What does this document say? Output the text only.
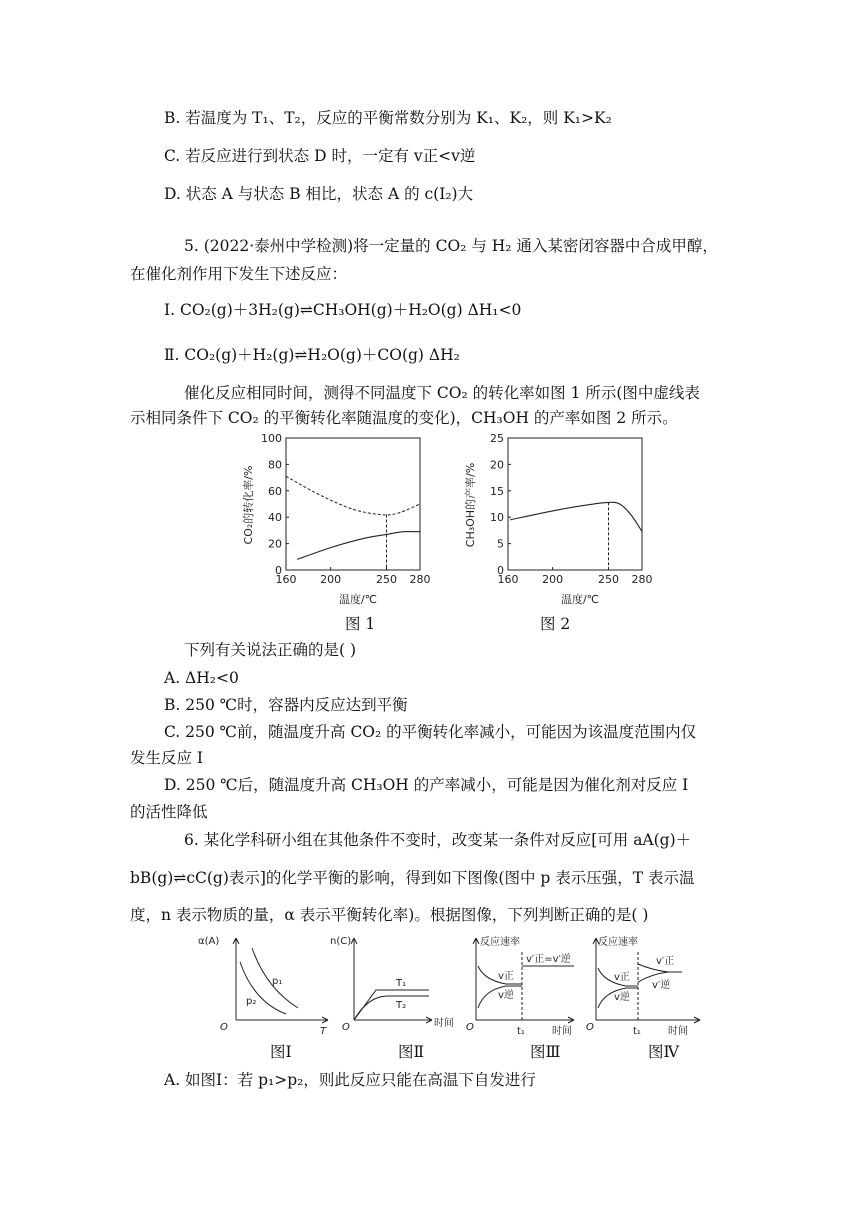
B. 若温度为 T₁、T₂，反应的平衡常数分别为 K₁、K₂，则 K₁>K₂
C. 若反应进行到状态 D 时，一定有 v正<v逆
D. 状态 A 与状态 B 相比，状态 A 的 c(I₂)大
5. (2022·泰州中学检测)将一定量的 CO₂ 与 H₂ 通入某密闭容器中合成甲醇，
在催化剂作用下发生下述反应：
Ⅰ. CO₂(g)＋3H₂(g)⇌CH₃OH(g)＋H₂O(g) ΔH₁<0
Ⅱ. CO₂(g)＋H₂(g)⇌H₂O(g)＋CO(g) ΔH₂
催化反应相同时间，测得不同温度下 CO₂ 的转化率如图 1 所示(图中虚线表
示相同条件下 CO₂ 的平衡转化率随温度的变化)，CH₃OH 的产率如图 2 所示。
160 200	250 280
0
20
40
60
80
100
CO₂的转化率/%
温度/℃
图 1
160 200	250 280
0
5
10
15
20
25
CH₃OH的产率/%
温度/℃
图 2
下列有关说法正确的是( )
A. ΔH₂<0
B. 250 ℃时，容器内反应达到平衡
C. 250 ℃前，随温度升高 CO₂ 的平衡转化率减小，可能因为该温度范围内仅
发生反应 I
D. 250 ℃后，随温度升高 CH₃OH 的产率减小，可能是因为催化剂对反应 I
的活性降低
6. 某化学科研小组在其他条件不变时，改变某一条件对反应[可用 aA(g)＋
bB(g)⇌cC(g)表示]的化学平衡的影响，得到如下图像(图中 p 表示压强，T 表示温
度，n 表示物质的量，α 表示平衡转化率)。根据图像，下列判断正确的是( )
α(A)
T
O
p₁
p₂
图Ⅰ
n(C)
时间
O
T₁
T₂
图Ⅱ
反应速率
时间
O	t₁
v正
v逆
v′正=v′逆
图Ⅲ
反应速率
时间
O	t₁
v正
v逆
v′正
v′逆
图Ⅳ
A. 如图Ⅰ：若 p₁>p₂，则此反应只能在高温下自发进行
